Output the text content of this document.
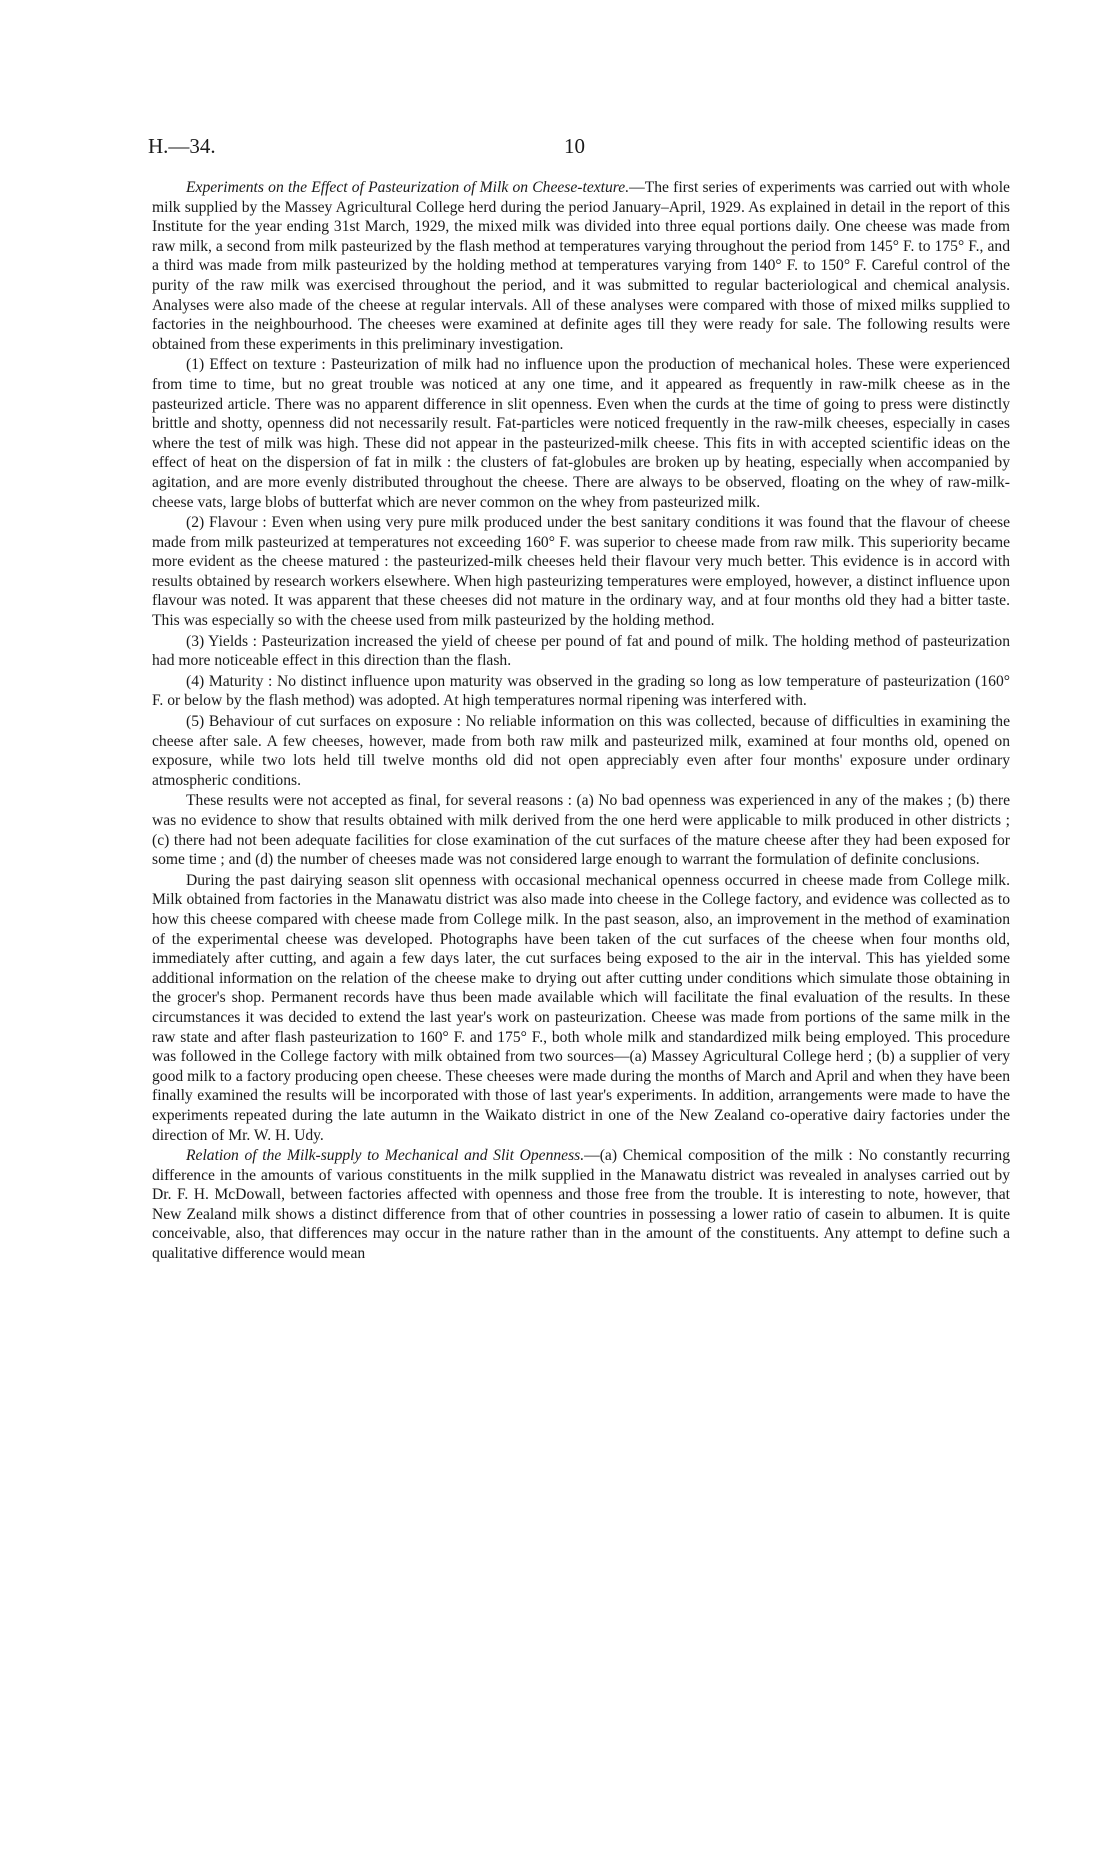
H.—34.	10

Experiments on the Effect of Pasteurization of Milk on Cheese-texture.—The first series of experiments was carried out with whole milk supplied by the Massey Agricultural College herd during the period January–April, 1929. As explained in detail in the report of this Institute for the year ending 31st March, 1929, the mixed milk was divided into three equal portions daily. One cheese was made from raw milk, a second from milk pasteurized by the flash method at temperatures varying throughout the period from 145° F. to 175° F., and a third was made from milk pasteurized by the holding method at temperatures varying from 140° F. to 150° F. Careful control of the purity of the raw milk was exercised throughout the period, and it was submitted to regular bacteriological and chemical analysis. Analyses were also made of the cheese at regular intervals. All of these analyses were compared with those of mixed milks supplied to factories in the neighbourhood. The cheeses were examined at definite ages till they were ready for sale. The following results were obtained from these experiments in this preliminary investigation.

(1) Effect on texture : Pasteurization of milk had no influence upon the production of mechanical holes. These were experienced from time to time, but no great trouble was noticed at any one time, and it appeared as frequently in raw-milk cheese as in the pasteurized article. There was no apparent difference in slit openness. Even when the curds at the time of going to press were distinctly brittle and shotty, openness did not necessarily result. Fat-particles were noticed frequently in the raw-milk cheeses, especially in cases where the test of milk was high. These did not appear in the pasteurized-milk cheese. This fits in with accepted scientific ideas on the effect of heat on the dispersion of fat in milk : the clusters of fat-globules are broken up by heating, especially when accompanied by agitation, and are more evenly distributed throughout the cheese. There are always to be observed, floating on the whey of raw-milk-cheese vats, large blobs of butterfat which are never common on the whey from pasteurized milk.

(2) Flavour : Even when using very pure milk produced under the best sanitary conditions it was found that the flavour of cheese made from milk pasteurized at temperatures not exceeding 160° F. was superior to cheese made from raw milk. This superiority became more evident as the cheese matured : the pasteurized-milk cheeses held their flavour very much better. This evidence is in accord with results obtained by research workers elsewhere. When high pasteurizing temperatures were employed, however, a distinct influence upon flavour was noted. It was apparent that these cheeses did not mature in the ordinary way, and at four months old they had a bitter taste. This was especially so with the cheese used from milk pasteurized by the holding method.

(3) Yields : Pasteurization increased the yield of cheese per pound of fat and pound of milk. The holding method of pasteurization had more noticeable effect in this direction than the flash.

(4) Maturity : No distinct influence upon maturity was observed in the grading so long as low temperature of pasteurization (160° F. or below by the flash method) was adopted. At high temperatures normal ripening was interfered with.

(5) Behaviour of cut surfaces on exposure : No reliable information on this was collected, because of difficulties in examining the cheese after sale. A few cheeses, however, made from both raw milk and pasteurized milk, examined at four months old, opened on exposure, while two lots held till twelve months old did not open appreciably even after four months' exposure under ordinary atmospheric conditions.

These results were not accepted as final, for several reasons : (a) No bad openness was experienced in any of the makes ; (b) there was no evidence to show that results obtained with milk derived from the one herd were applicable to milk produced in other districts ; (c) there had not been adequate facilities for close examination of the cut surfaces of the mature cheese after they had been exposed for some time ; and (d) the number of cheeses made was not considered large enough to warrant the formulation of definite conclusions.

During the past dairying season slit openness with occasional mechanical openness occurred in cheese made from College milk. Milk obtained from factories in the Manawatu district was also made into cheese in the College factory, and evidence was collected as to how this cheese compared with cheese made from College milk. In the past season, also, an improvement in the method of examination of the experimental cheese was developed. Photographs have been taken of the cut surfaces of the cheese when four months old, immediately after cutting, and again a few days later, the cut surfaces being exposed to the air in the interval. This has yielded some additional information on the relation of the cheese make to drying out after cutting under conditions which simulate those obtaining in the grocer's shop. Permanent records have thus been made available which will facilitate the final evaluation of the results. In these circumstances it was decided to extend the last year's work on pasteurization. Cheese was made from portions of the same milk in the raw state and after flash pasteurization to 160° F. and 175° F., both whole milk and standardized milk being employed. This procedure was followed in the College factory with milk obtained from two sources—(a) Massey Agricultural College herd ; (b) a supplier of very good milk to a factory producing open cheese. These cheeses were made during the months of March and April and when they have been finally examined the results will be incorporated with those of last year's experiments. In addition, arrangements were made to have the experiments repeated during the late autumn in the Waikato district in one of the New Zealand co-operative dairy factories under the direction of Mr. W. H. Udy.

Relation of the Milk-supply to Mechanical and Slit Openness.—(a) Chemical composition of the milk : No constantly recurring difference in the amounts of various constituents in the milk supplied in the Manawatu district was revealed in analyses carried out by Dr. F. H. McDowall, between factories affected with openness and those free from the trouble. It is interesting to note, however, that New Zealand milk shows a distinct difference from that of other countries in possessing a lower ratio of casein to albumen. It is quite conceivable, also, that differences may occur in the nature rather than in the amount of the constituents. Any attempt to define such a qualitative difference would mean
